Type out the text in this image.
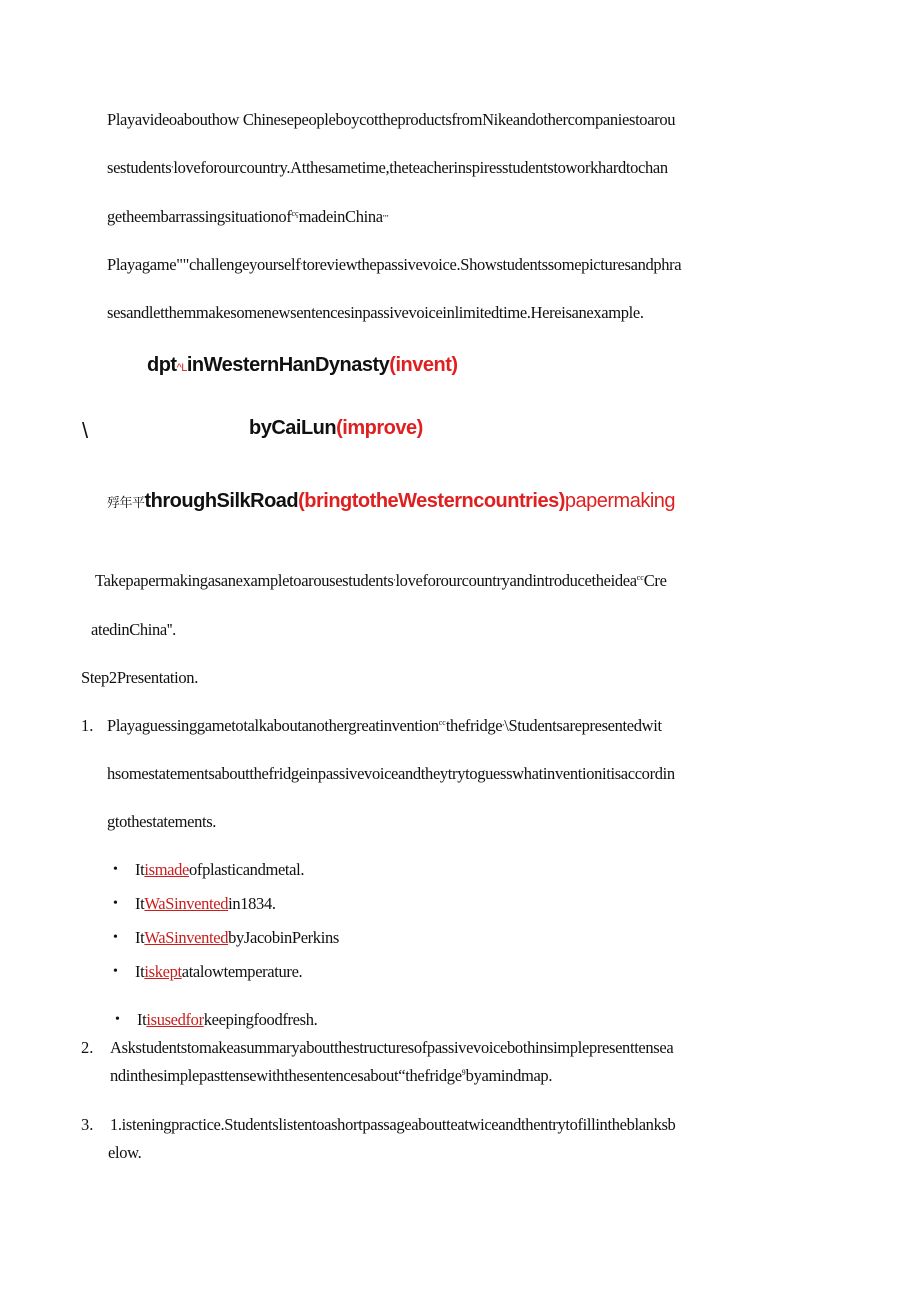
Playavideoabouthow ChinesepeopleboycottheproductsfromNikeandothercompaniestoarou
sestudents,loveforourcountry.Atthesametime,theteacherinspiresstudentstoworkhardtochan
getheembarrassingsituationof$^{cç}$madeinChina,,,
Playagame""challengeyourself,toreviewthepassivevoice.Showstudentssomepicturesandphra
sesandletthemmakesomenewsentencesinpassivevoiceinlimitedtime.Hereisanexample.
dpt^LinWesternHanDynasty(invent)
\	byCaiLun(improve)
殍年平throughSilkRoad(bringtotheWesterncountries)papermaking
Takepapermakingasanexampletoarousestudents,loveforourcountryandintroducetheidea$^{cc}$Cre
atedinChina''.
Step2Presentation.
1. Playaguessinggametotalkaboutanothergreatinvention$^{cc}$thefridge,\Studentsarepresentedwit
hsomestatementsaboutthefridgeinpassivevoiceandtheytrytoguesswhatinventionitisaccordin
gtothestatements.
• Itismadeofplasticandmetal.
• ItWaSinventedin1834.
• ItWaSinventedbyJacobinPerkins
• Itiskeptatalowtemperature.
• Itisusedforkeepingfoodfresh.
2. Askstudentstomakeasummaryaboutthestructuresofpassivevoicebothinsimplepresenttensea
ndinthesimplepasttensewiththesentencesabout“thefridge$^9$byamindmap.
3. 1.isteningpractice.Studentslistentoashortpassageaboutteatwiceandthentrytofillintheblanksb
elow.
